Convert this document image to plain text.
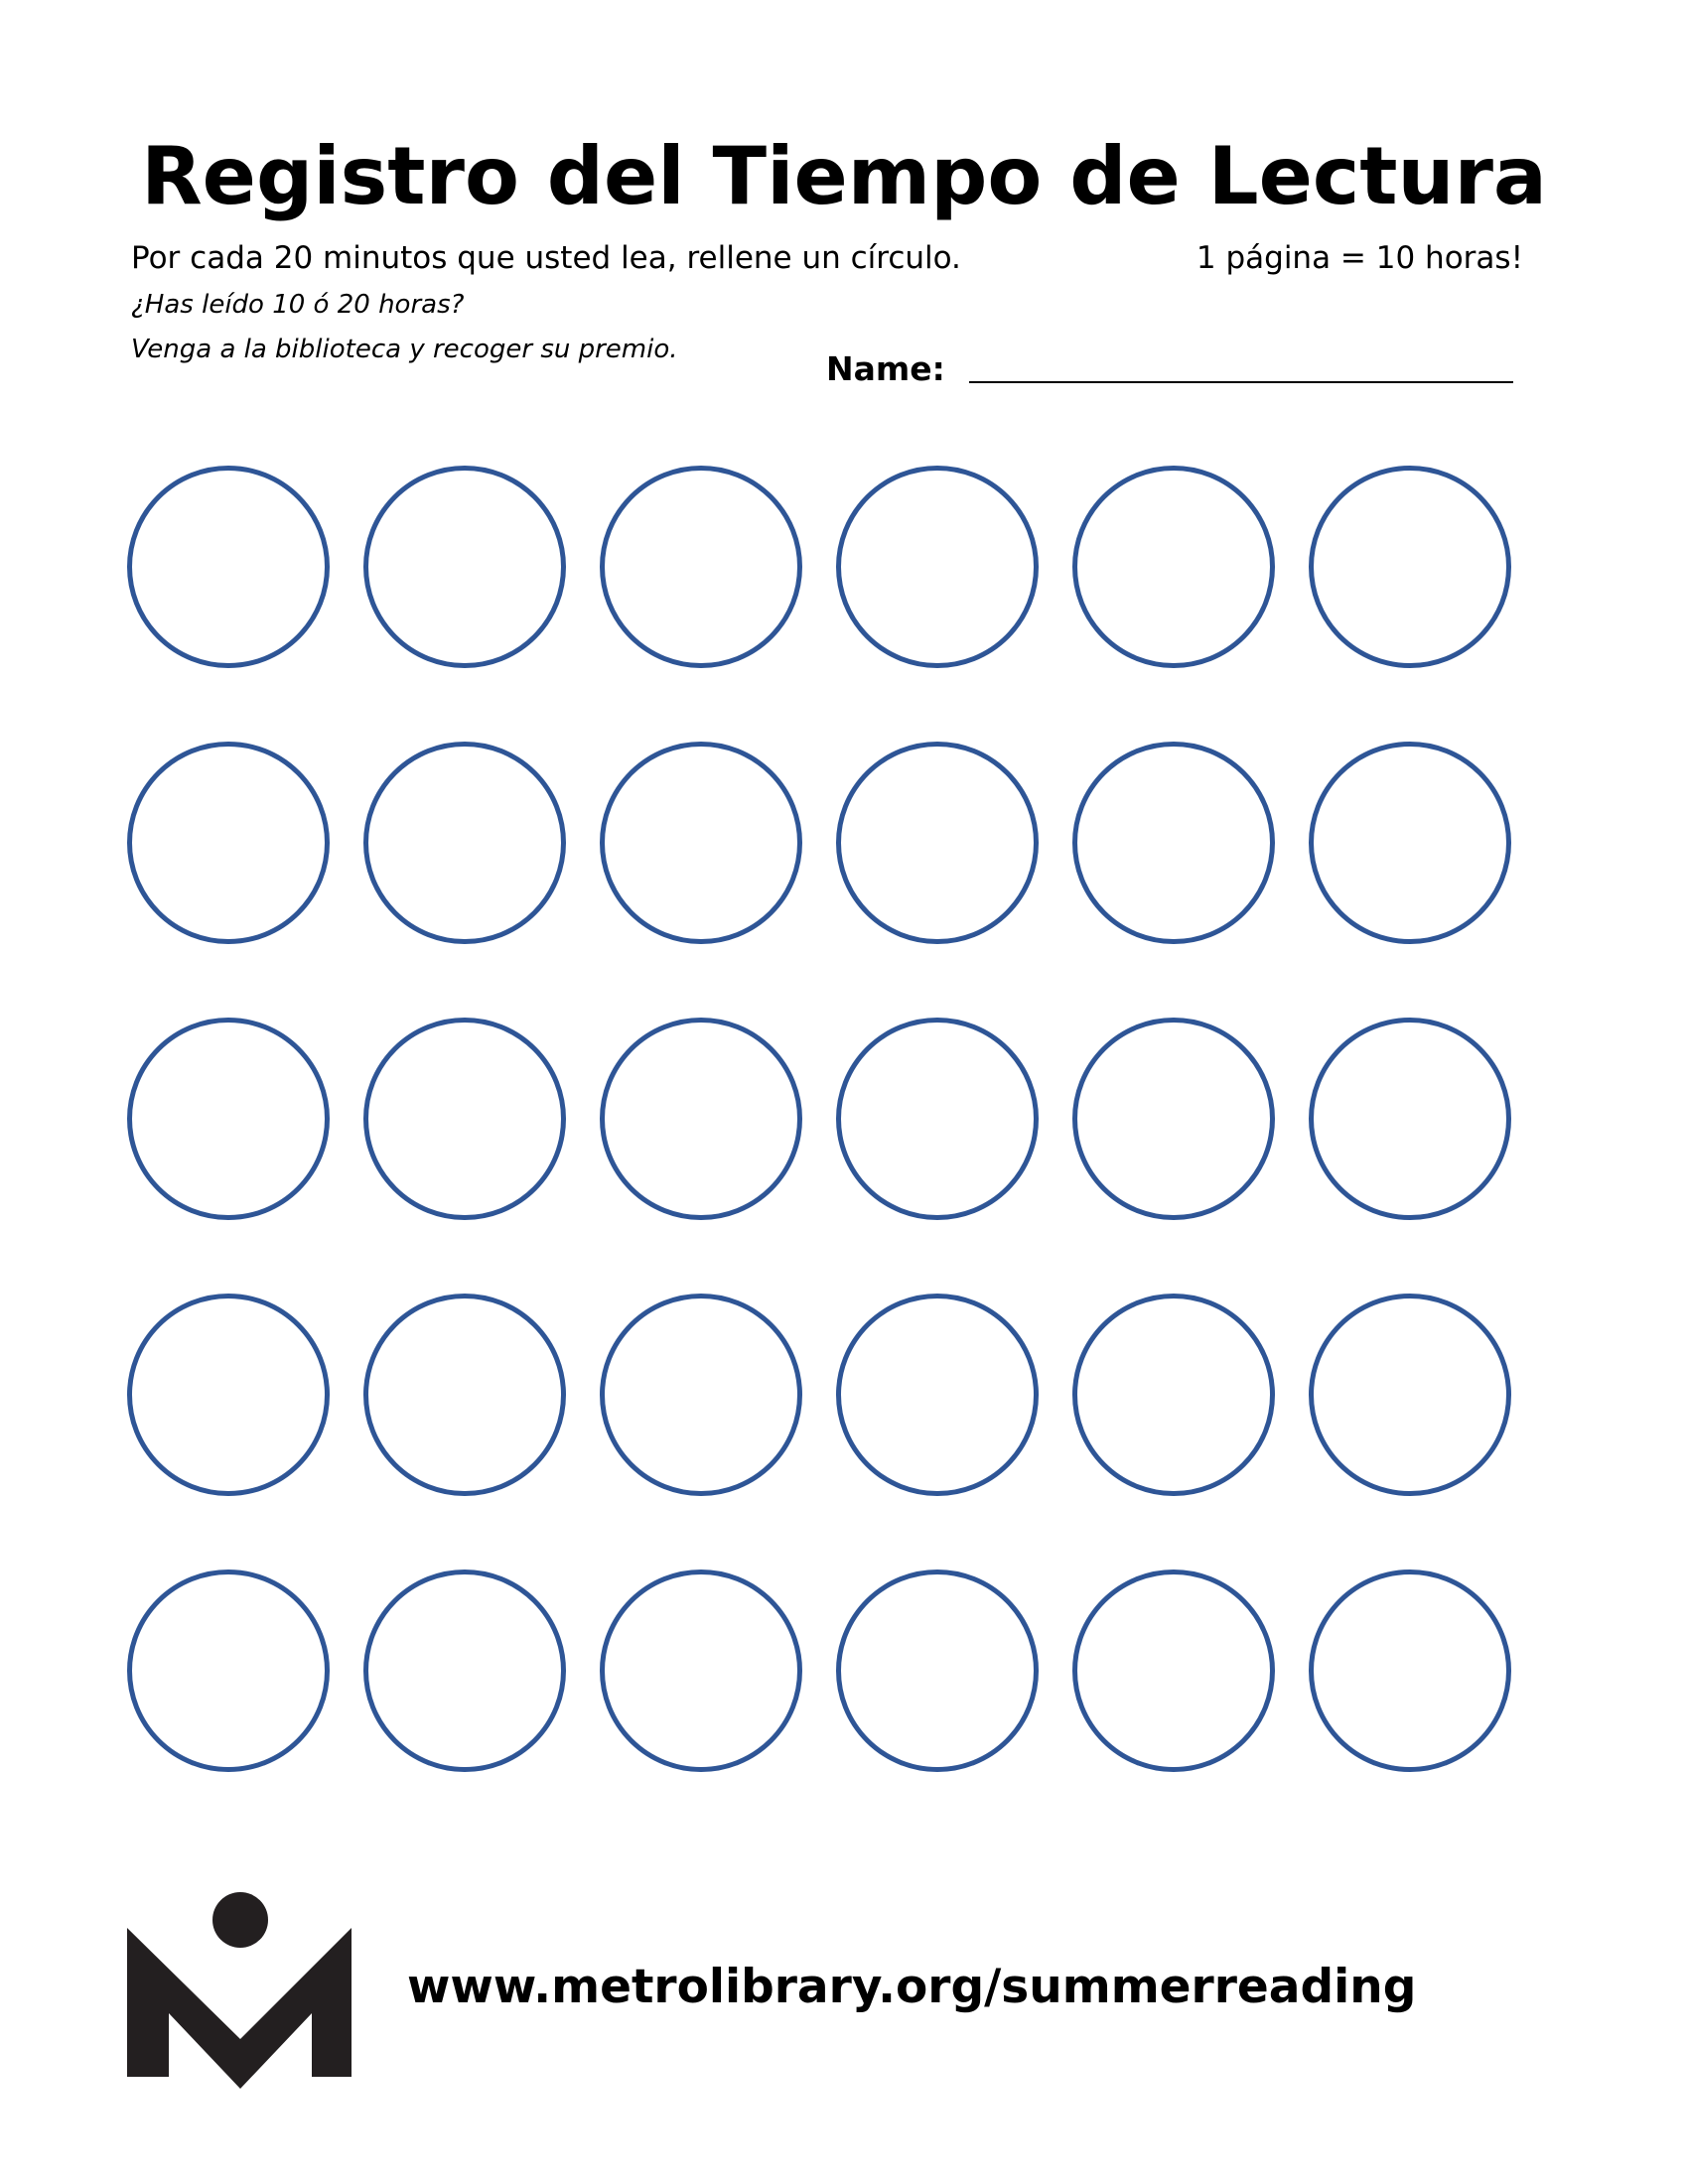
Registro del Tiempo de Lectura
Por cada 20 minutos que usted lea, rellene un círculo.	1 página = 10 horas!
¿Has leído 10 ó 20 horas?
Venga a la biblioteca y recoger su premio.	Name:
www.metrolibrary.org/summerreading
